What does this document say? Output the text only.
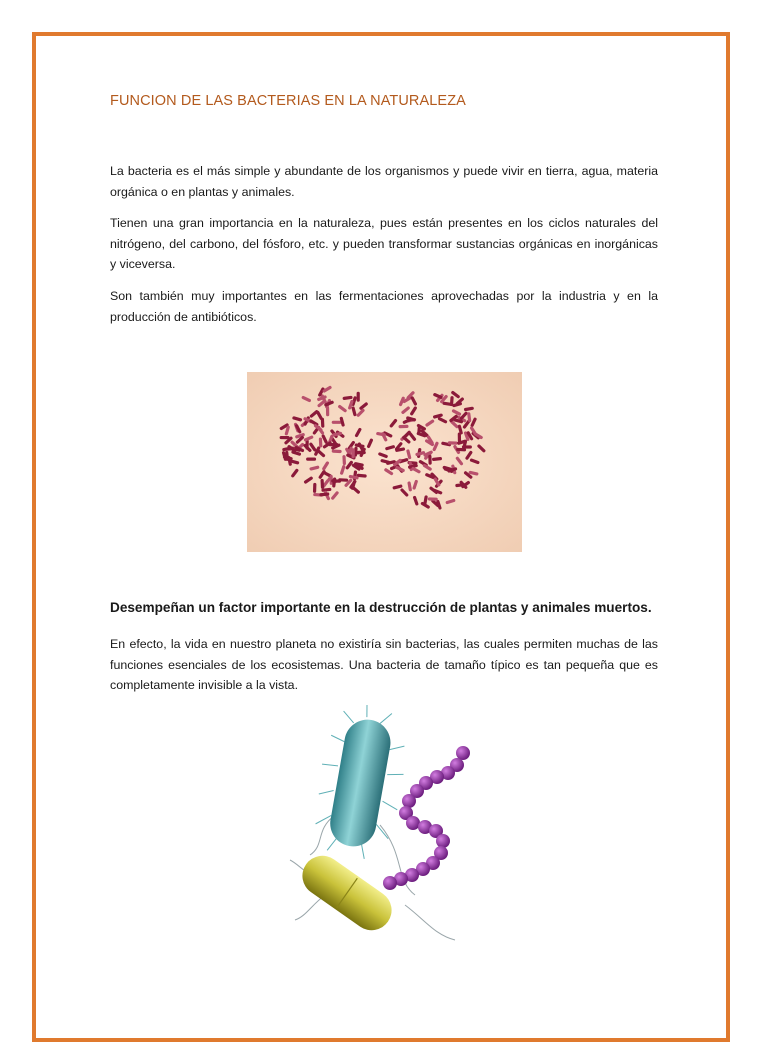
FUNCION DE LAS BACTERIAS EN LA NATURALEZA

La bacteria es el más simple y abundante de los organismos y puede vivir en tierra, agua, materia orgánica o en plantas y animales.

Tienen una gran importancia en la naturaleza, pues están presentes en los ciclos naturales del nitrógeno, del carbono, del fósforo, etc. y pueden transformar sustancias orgánicas en inorgánicas y viceversa.

Son también muy importantes en las fermentaciones aprovechadas por la industria y en la producción de antibióticos.

Desempeñan un factor importante en la destrucción de plantas y animales muertos.

En efecto, la vida en nuestro planeta no existiría sin bacterias, las cuales permiten muchas de las funciones esenciales de los ecosistemas. Una bacteria de tamaño típico es tan pequeña que es completamente invisible a la vista.
